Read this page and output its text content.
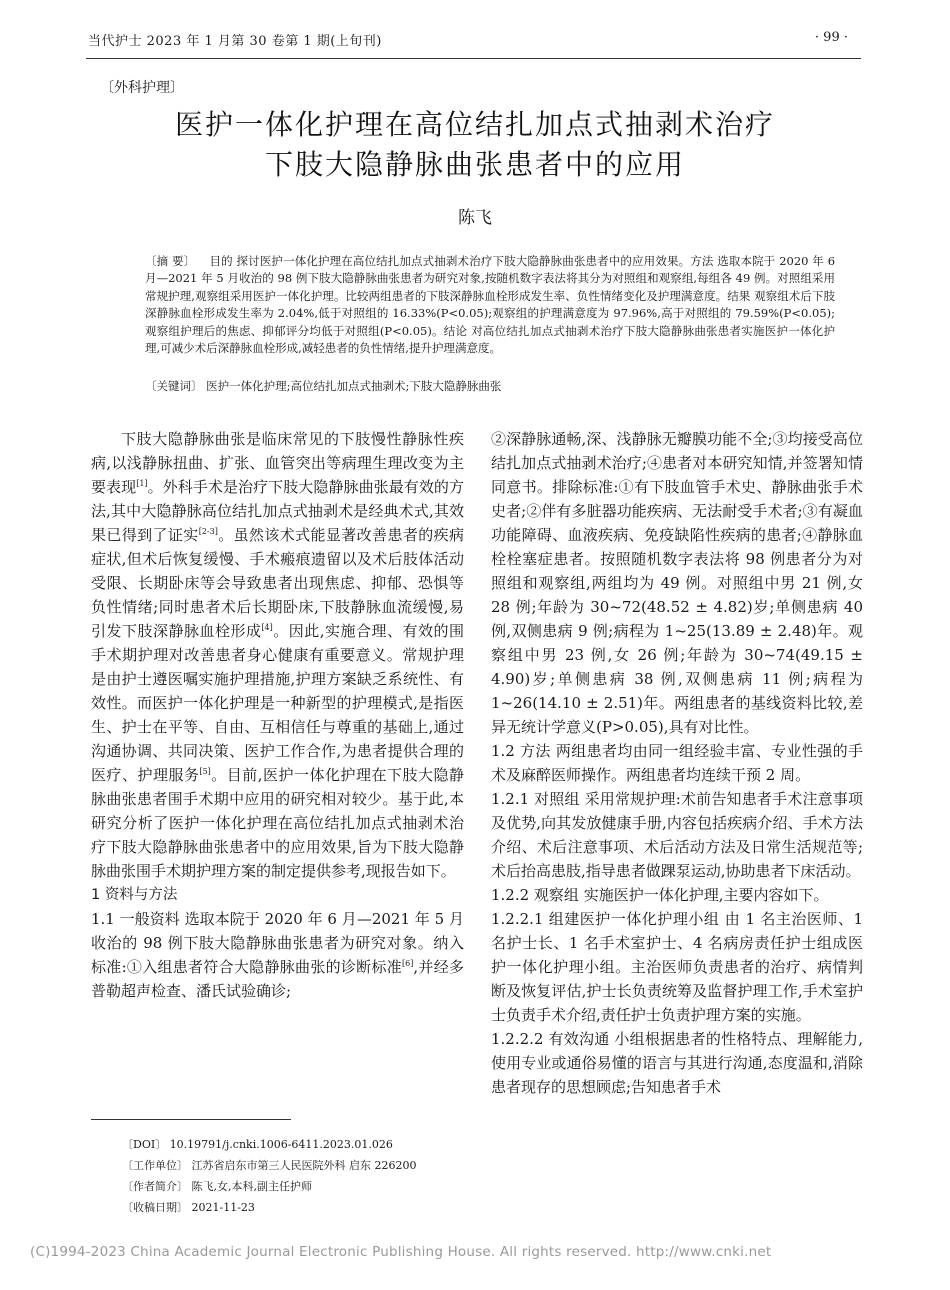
当代护士 2023 年 1 月第 30 卷第 1 期(上旬刊)	· 99 ·
〔外科护理〕
医护一体化护理在高位结扎加点式抽剥术治疗
下肢大隐静脉曲张患者中的应用
陈飞
〔摘 要〕 目的 探讨医护一体化护理在高位结扎加点式抽剥术治疗下肢大隐静脉曲张患者中的应用效果。方法 选取本院于 2020 年 6 月—2021 年 5 月收治的 98 例下肢大隐静脉曲张患者为研究对象,按随机数字表法将其分为对照组和观察组,每组各 49 例。对照组采用常规护理,观察组采用医护一体化护理。比较两组患者的下肢深静脉血栓形成发生率、负性情绪变化及护理满意度。结果 观察组术后下肢深静脉血栓形成发生率为 2.04%,低于对照组的 16.33%(P<0.05);观察组的护理满意度为 97.96%,高于对照组的 79.59%(P<0.05);观察组护理后的焦虑、抑郁评分均低于对照组(P<0.05)。结论 对高位结扎加点式抽剥术治疗下肢大隐静脉曲张患者实施医护一体化护理,可减少术后深静脉血栓形成,减轻患者的负性情绪,提升护理满意度。
〔关键词〕 医护一体化护理;高位结扎加点式抽剥术;下肢大隐静脉曲张

下肢大隐静脉曲张是临床常见的下肢慢性静脉性疾病,以浅静脉扭曲、扩张、血管突出等病理生理改变为主要表现[1]。外科手术是治疗下肢大隐静脉曲张最有效的方法,其中大隐静脉高位结扎加点式抽剥术是经典术式,其效果已得到了证实[2-3]。虽然该术式能显著改善患者的疾病症状,但术后恢复缓慢、手术瘢痕遗留以及术后肢体活动受限、长期卧床等会导致患者出现焦虑、抑郁、恐惧等负性情绪;同时患者术后长期卧床,下肢静脉血流缓慢,易引发下肢深静脉血栓形成[4]。因此,实施合理、有效的围手术期护理对改善患者身心健康有重要意义。常规护理是由护士遵医嘱实施护理措施,护理方案缺乏系统性、有效性。而医护一体化护理是一种新型的护理模式,是指医生、护士在平等、自由、互相信任与尊重的基础上,通过沟通协调、共同决策、医护工作合作,为患者提供合理的医疗、护理服务[5]。目前,医护一体化护理在下肢大隐静脉曲张患者围手术期中应用的研究相对较少。基于此,本研究分析了医护一体化护理在高位结扎加点式抽剥术治疗下肢大隐静脉曲张患者中的应用效果,旨为下肢大隐静脉曲张围手术期护理方案的制定提供参考,现报告如下。

1 资料与方法

1.1 一般资料 选取本院于 2020 年 6 月—2021 年 5 月收治的 98 例下肢大隐静脉曲张患者为研究对象。纳入标准:①入组患者符合大隐静脉曲张的诊断标准[6],并经多普勒超声检查、潘氏试验确诊;

②深静脉通畅,深、浅静脉无瓣膜功能不全;③均接受高位结扎加点式抽剥术治疗;④患者对本研究知情,并签署知情同意书。排除标准:①有下肢血管手术史、静脉曲张手术史者;②伴有多脏器功能疾病、无法耐受手术者;③有凝血功能障碍、血液疾病、免疫缺陷性疾病的患者;④静脉血栓栓塞症患者。按照随机数字表法将 98 例患者分为对照组和观察组,两组均为 49 例。对照组中男 21 例,女 28 例;年龄为 30~72(48.52 ± 4.82)岁;单侧患病 40 例,双侧患病 9 例;病程为 1~25(13.89 ± 2.48)年。观察组中男 23 例,女 26 例;年龄为 30~74(49.15 ± 4.90)岁;单侧患病 38 例,双侧患病 11 例;病程为 1~26(14.10 ± 2.51)年。两组患者的基线资料比较,差异无统计学意义(P>0.05),具有对比性。

1.2 方法 两组患者均由同一组经验丰富、专业性强的手术及麻醉医师操作。两组患者均连续干预 2 周。

1.2.1 对照组 采用常规护理:术前告知患者手术注意事项及优势,向其发放健康手册,内容包括疾病介绍、手术方法介绍、术后注意事项、术后活动方法及日常生活规范等;术后抬高患肢,指导患者做踝泵运动,协助患者下床活动。

1.2.2 观察组 实施医护一体化护理,主要内容如下。

1.2.2.1 组建医护一体化护理小组 由 1 名主治医师、1 名护士长、1 名手术室护士、4 名病房责任护士组成医护一体化护理小组。主治医师负责患者的治疗、病情判断及恢复评估,护士长负责统筹及监督护理工作,手术室护士负责手术介绍,责任护士负责护理方案的实施。

1.2.2.2 有效沟通 小组根据患者的性格特点、理解能力,使用专业或通俗易懂的语言与其进行沟通,态度温和,消除患者现存的思想顾虑;告知患者手术

〔DOI〕 10.19791/j.cnki.1006-6411.2023.01.026
〔工作单位〕 江苏省启东市第三人民医院外科 启东 226200
〔作者简介〕 陈飞,女,本科,副主任护师
〔收稿日期〕 2021-11-23
(C)1994-2023 China Academic Journal Electronic Publishing House. All rights reserved. http://www.cnki.net
